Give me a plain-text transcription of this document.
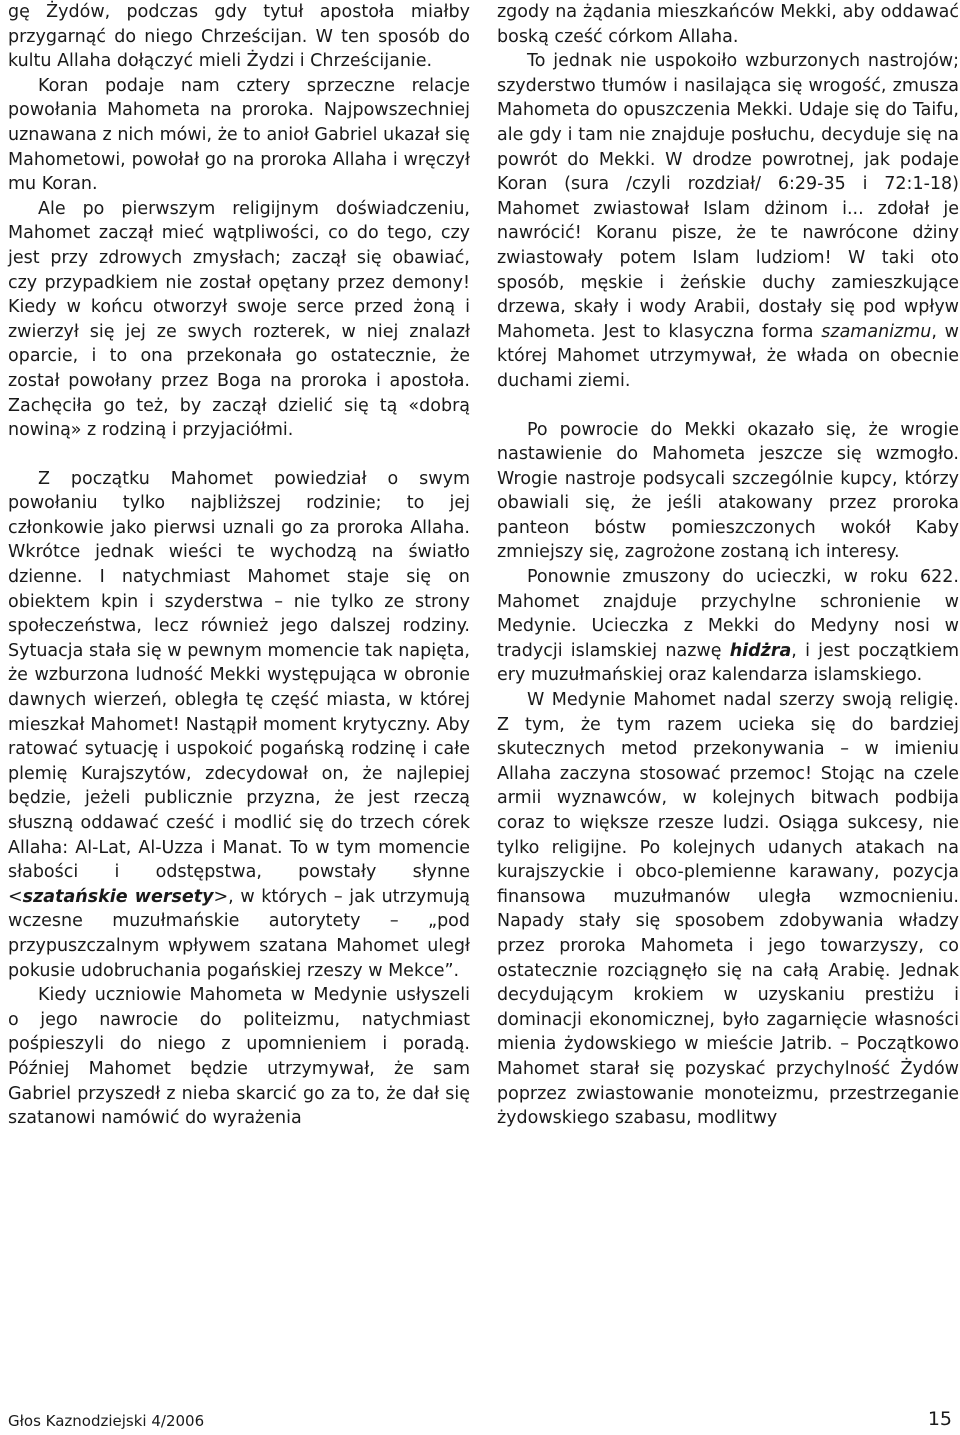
gę Żydów, podczas gdy tytuł apostoła miałby przygarnąć do niego Chrześcijan. W ten sposób do kultu Allaha dołączyć mieli Żydzi i Chrześcijanie.

Koran podaje nam cztery sprzeczne relacje powołania Mahometa na proroka. Najpowszechniej uznawana z nich mówi, że to anioł Gabriel ukazał się Mahometowi, powołał go na proroka Allaha i wręczył mu Koran.

Ale po pierwszym religijnym doświadczeniu, Mahomet zaczął mieć wątpliwości, co do tego, czy jest przy zdrowych zmysłach; zaczął się obawiać, czy przypadkiem nie został opętany przez demony! Kiedy w końcu otworzył swoje serce przed żoną i zwierzył się jej ze swych rozterek, w niej znalazł oparcie, i to ona przekonała go ostatecznie, że został powołany przez Boga na proroka i apostoła. Zachęciła go też, by zaczął dzielić się tą «dobrą nowiną» z rodziną i przyjaciółmi.

Z początku Mahomet powiedział o swym powołaniu tylko najbliższej rodzinie; to jej członkowie jako pierwsi uznali go za proroka Allaha. Wkrótce jednak wieści te wychodzą na światło dzienne. I natychmiast Mahomet staje się on obiektem kpin i szyderstwa – nie tylko ze strony społeczeństwa, lecz również jego dalszej rodziny. Sytuacja stała się w pewnym momencie tak napięta, że wzburzona ludność Mekki występująca w obronie dawnych wierzeń, obległa tę część miasta, w której mieszkał Mahomet! Nastąpił moment krytyczny. Aby ratować sytuację i uspokoić pogańską rodzinę i całe plemię Kurajszytów, zdecydował on, że najlepiej będzie, jeżeli publicznie przyzna, że jest rzeczą słuszną oddawać cześć i modlić się do trzech córek Allaha: Al-Lat, Al-Uzza i Manat. To w tym momencie słabości i odstępstwa, powstały słynne <szatańskie wersety>, w których – jak utrzymują wczesne muzułmańskie autorytety – „pod przypuszczalnym wpływem szatana Mahomet uległ pokusie udobruchania pogańskiej rzeszy w Mekce”.

Kiedy uczniowie Mahometa w Medynie usłyszeli o jego nawrocie do politeizmu, natychmiast pośpieszyli do niego z upomnieniem i poradą. Później Mahomet będzie utrzymywał, że sam Gabriel przyszedł z nieba skarcić go za to, że dał się szatanowi namówić do wyrażenia

zgody na żądania mieszkańców Mekki, aby oddawać boską cześć córkom Allaha.

To jednak nie uspokoiło wzburzonych nastrojów; szyderstwo tłumów i nasilająca się wrogość, zmusza Mahometa do opuszczenia Mekki. Udaje się do Taifu, ale gdy i tam nie znajduje posłuchu, decyduje się na powrót do Mekki. W drodze powrotnej, jak podaje Koran (sura /czyli rozdział/ 6:29-35 i 72:1-18) Mahomet zwiastował Islam dżinom i... zdołał je nawrócić! Koranu pisze, że te nawrócone dżiny zwiastowały potem Islam ludziom! W taki oto sposób, męskie i żeńskie duchy zamieszkujące drzewa, skały i wody Arabii, dostały się pod wpływ Mahometa. Jest to klasyczna forma szamanizmu, w której Mahomet utrzymywał, że włada on obecnie duchami ziemi.

Po powrocie do Mekki okazało się, że wrogie nastawienie do Mahometa jeszcze się wzmogło. Wrogie nastroje podsycali szczególnie kupcy, którzy obawiali się, że jeśli atakowany przez proroka panteon bóstw pomieszczonych wokół Kaby zmniejszy się, zagrożone zostaną ich interesy.

Ponownie zmuszony do ucieczki, w roku 622. Mahomet znajduje przychylne schronienie w Medynie. Ucieczka z Mekki do Medyny nosi w tradycji islamskiej nazwę hidżra, i jest początkiem ery muzułmańskiej oraz kalendarza islamskiego.

W Medynie Mahomet nadal szerzy swoją religię. Z tym, że tym razem ucieka się do bardziej skutecznych metod przekonywania – w imieniu Allaha zaczyna stosować przemoc! Stojąc na czele armii wyznawców, w kolejnych bitwach podbija coraz to większe rzesze ludzi. Osiąga sukcesy, nie tylko religijne. Po kolejnych udanych atakach na kurajszyckie i obco-plemienne karawany, pozycja finansowa muzułmanów uległa wzmocnieniu. Napady stały się sposobem zdobywania władzy przez proroka Mahometa i jego towarzyszy, co ostatecznie rozciągnęło się na całą Arabię. Jednak decydującym krokiem w uzyskaniu prestiżu i dominacji ekonomicznej, było zagarnięcie własności mienia żydowskiego w mieście Jatrib. – Początkowo Mahomet starał się pozyskać przychylność Żydów poprzez zwiastowanie monoteizmu, przestrzeganie żydowskiego szabasu, modlitwy

Głos Kaznodziejski 4/2006	15
